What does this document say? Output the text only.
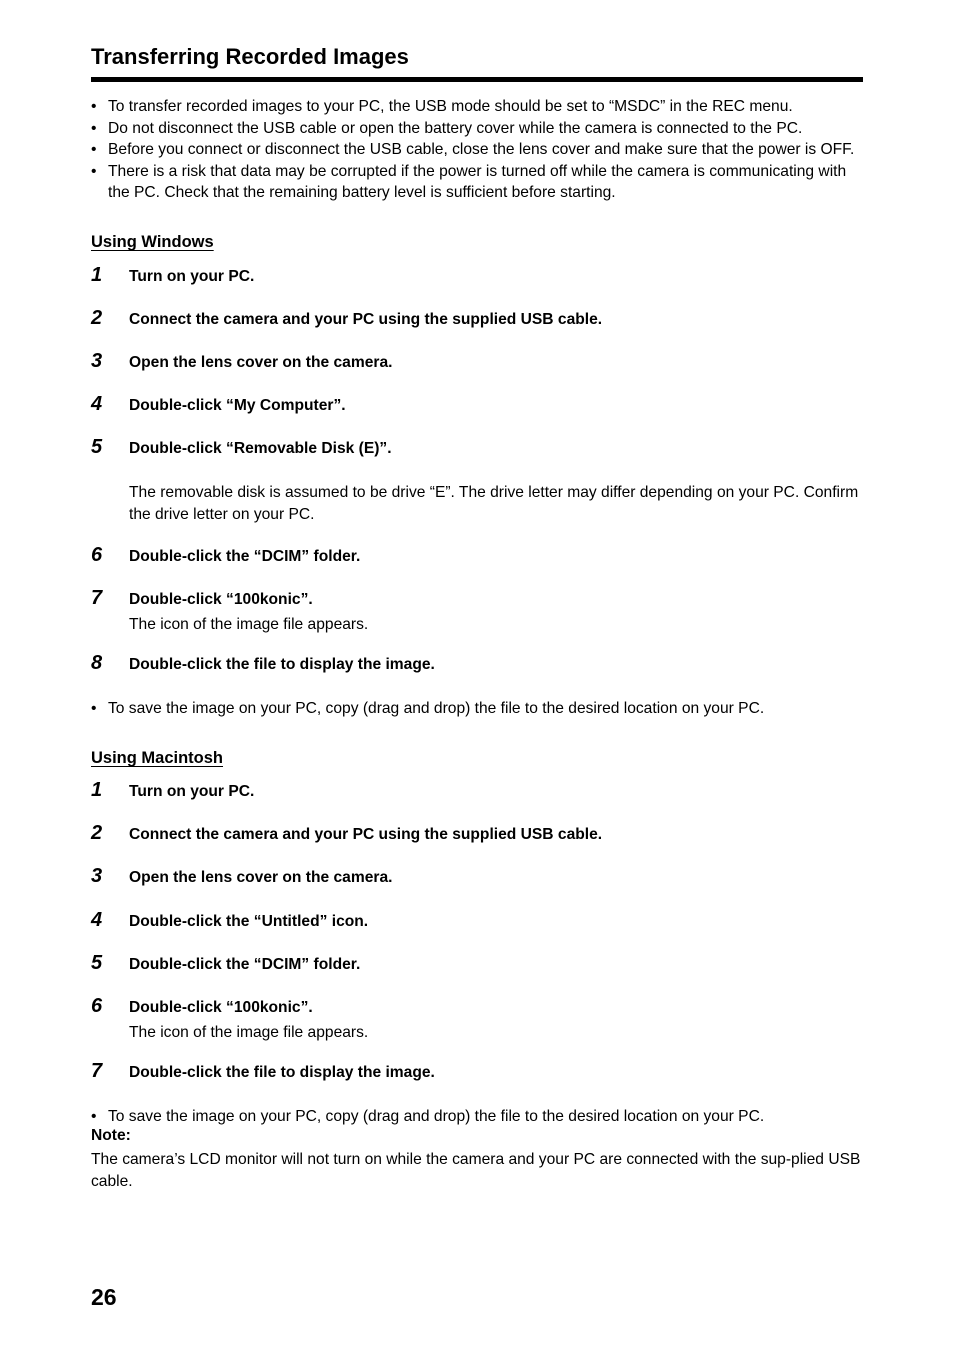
Transferring Recorded Images
• To transfer recorded images to your PC, the USB mode should be set to “MSDC” in the REC menu.
• Do not disconnect the USB cable or open the battery cover while the camera is connected to the PC.
• Before you connect or disconnect the USB cable, close the lens cover and make sure that the power is OFF.
• There is a risk that data may be corrupted if the power is turned off while the camera is communicating with the PC. Check that the remaining battery level is sufficient before starting.
Using Windows
1 Turn on your PC.
2 Connect the camera and your PC using the supplied USB cable.
3 Open the lens cover on the camera.
4 Double-click “My Computer”.
5 Double-click “Removable Disk (E)”.
The removable disk is assumed to be drive “E”. The drive letter may differ depending on your PC. Confirm the drive letter on your PC.
6 Double-click the “DCIM” folder.
7 Double-click “100konic”.
The icon of the image file appears.
8 Double-click the file to display the image.
• To save the image on your PC, copy (drag and drop) the file to the desired location on your PC.
Using Macintosh
1 Turn on your PC.
2 Connect the camera and your PC using the supplied USB cable.
3 Open the lens cover on the camera.
4 Double-click the “Untitled” icon.
5 Double-click the “DCIM” folder.
6 Double-click “100konic”.
The icon of the image file appears.
7 Double-click the file to display the image.
• To save the image on your PC, copy (drag and drop) the file to the desired location on your PC.
Note:
The camera’s LCD monitor will not turn on while the camera and your PC are connected with the sup-plied USB cable.
26
